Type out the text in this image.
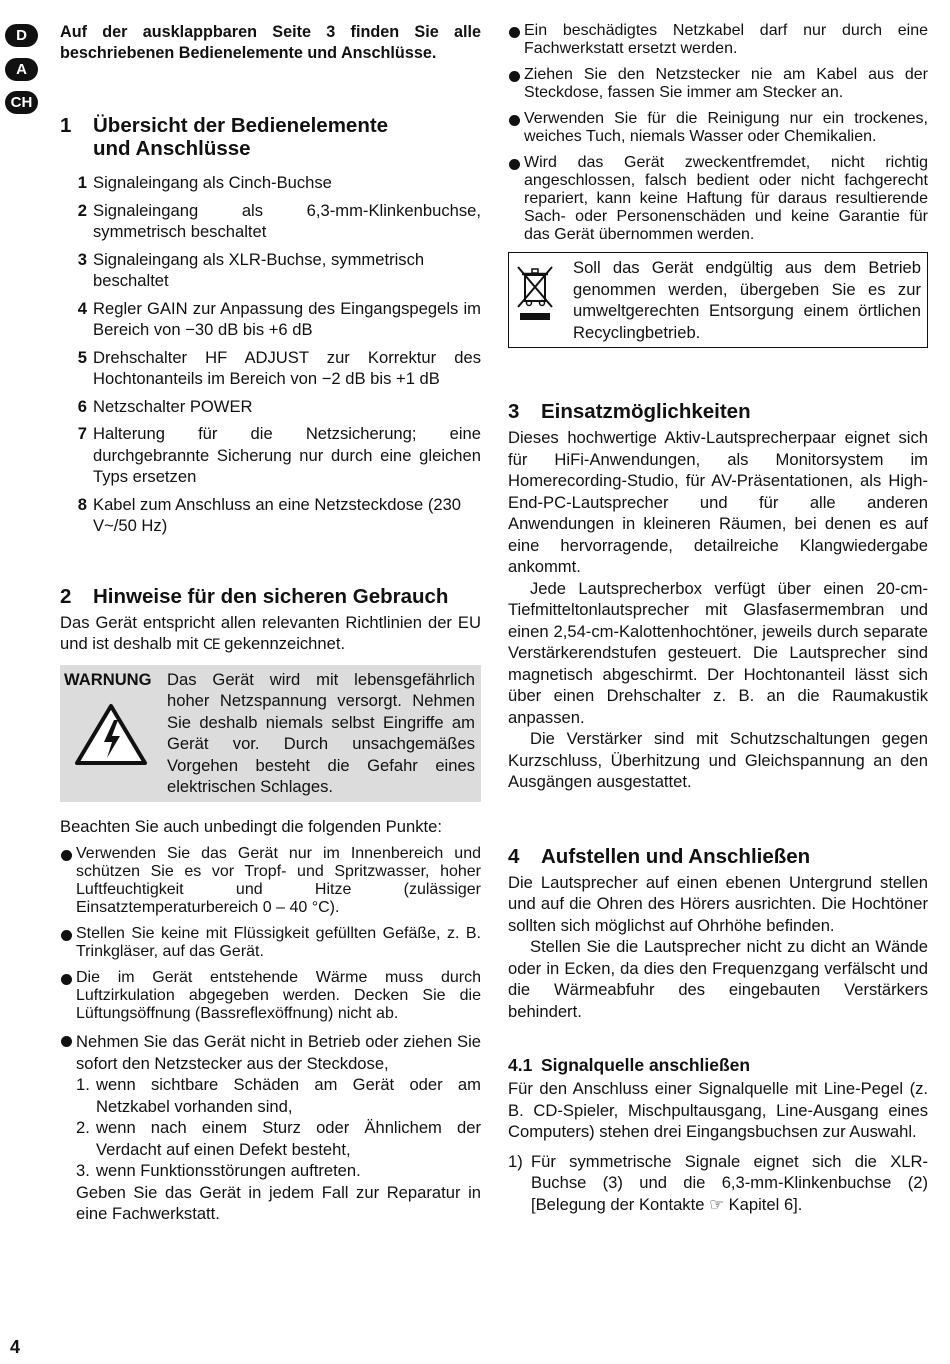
D
A
CH

Auf der ausklappbaren Seite 3 finden Sie alle beschriebenen Bedienelemente und Anschlüsse.

1	Übersicht der Bedienelemente
und Anschlüsse
1 Signaleingang als Cinch-Buchse
2 Signaleingang als 6,3-mm-Klinkenbuchse, symmetrisch beschaltet
3 Signaleingang als XLR-Buchse, symmetrisch beschaltet
4 Regler GAIN zur Anpassung des Eingangspegels im Bereich von −30 dB bis +6 dB
5 Drehschalter HF ADJUST zur Korrektur des Hochtonanteils im Bereich von −2 dB bis +1 dB
6 Netzschalter POWER
7 Halterung für die Netzsicherung; eine durchgebrannte Sicherung nur durch eine gleichen Typs ersetzen
8 Kabel zum Anschluss an eine Netzsteckdose (230 V~/50 Hz)
2	Hinweise für den sicheren Gebrauch

Das Gerät entspricht allen relevanten Richtlinien der EU und ist deshalb mit CE gekennzeichnet.

WARNUNG Das Gerät wird mit lebensgefährlich hoher Netzspannung versorgt. Nehmen Sie deshalb niemals selbst Eingriffe am Gerät vor. Durch unsachgemäßes Vorgehen besteht die Gefahr eines elektrischen Schlages.

Beachten Sie auch unbedingt die folgenden Punkte:

Verwenden Sie das Gerät nur im Innenbereich und schützen Sie es vor Tropf- und Spritzwasser, hoher Luftfeuchtigkeit und Hitze (zulässiger Einsatztemperaturbereich 0 – 40 °C).
Stellen Sie keine mit Flüssigkeit gefüllten Gefäße, z. B. Trinkgläser, auf das Gerät.
Die im Gerät entstehende Wärme muss durch Luftzirkulation abgegeben werden. Decken Sie die Lüftungsöffnung (Bassreflexöffnung) nicht ab.

Nehmen Sie das Gerät nicht in Betrieb oder ziehen Sie sofort den Netzstecker aus der Steckdose,

1. wenn sichtbare Schäden am Gerät oder am Netzkabel vorhanden sind,
2. wenn nach einem Sturz oder Ähnlichem der Verdacht auf einen Defekt besteht,
3. wenn Funktionsstörungen auftreten.

Geben Sie das Gerät in jedem Fall zur Reparatur in eine Fachwerkstatt.

Ein beschädigtes Netzkabel darf nur durch eine Fachwerkstatt ersetzt werden.
Ziehen Sie den Netzstecker nie am Kabel aus der Steckdose, fassen Sie immer am Stecker an.
Verwenden Sie für die Reinigung nur ein trockenes, weiches Tuch, niemals Wasser oder Chemikalien.
Wird das Gerät zweckentfremdet, nicht richtig angeschlossen, falsch bedient oder nicht fachgerecht repariert, kann keine Haftung für daraus resultierende Sach- oder Personenschäden und keine Garantie für das Gerät übernommen werden.

Soll das Gerät endgültig aus dem Betrieb genommen werden, übergeben Sie es zur umweltgerechten Entsorgung einem örtlichen Recyclingbetrieb.

3	Einsatzmöglichkeiten

Dieses hochwertige Aktiv-Lautsprecherpaar eignet sich für HiFi-Anwendungen, als Monitorsystem im Homerecording-Studio, für AV-Präsentationen, als High-End-PC-Lautsprecher und für alle anderen Anwendungen in kleineren Räumen, bei denen es auf eine hervorragende, detailreiche Klangwiedergabe ankommt.

Jede Lautsprecherbox verfügt über einen 20-cm-Tiefmitteltonlautsprecher mit Glasfasermembran und einen 2,54-cm-Kalottenhochtöner, jeweils durch separate Verstärkerendstufen gesteuert. Die Lautsprecher sind magnetisch abgeschirmt. Der Hochtonanteil lässt sich über einen Drehschalter z. B. an die Raumakustik anpassen.

Die Verstärker sind mit Schutzschaltungen gegen Kurzschluss, Überhitzung und Gleichspannung an den Ausgängen ausgestattet.

4	Aufstellen und Anschließen

Die Lautsprecher auf einen ebenen Untergrund stellen und auf die Ohren des Hörers ausrichten. Die Hochtöner sollten sich möglichst auf Ohrhöhe befinden.

Stellen Sie die Lautsprecher nicht zu dicht an Wände oder in Ecken, da dies den Frequenzgang verfälscht und die Wärmeabfuhr des eingebauten Verstärkers behindert.

4.1 Signalquelle anschließen

Für den Anschluss einer Signalquelle mit Line-Pegel (z. B. CD-Spieler, Mischpultausgang, Line-Ausgang eines Computers) stehen drei Eingangsbuchsen zur Auswahl.

1) Für symmetrische Signale eignet sich die XLR-Buchse (3) und die 6,3-mm-Klinkenbuchse (2) [Belegung der Kontakte ☞ Kapitel 6].
4
